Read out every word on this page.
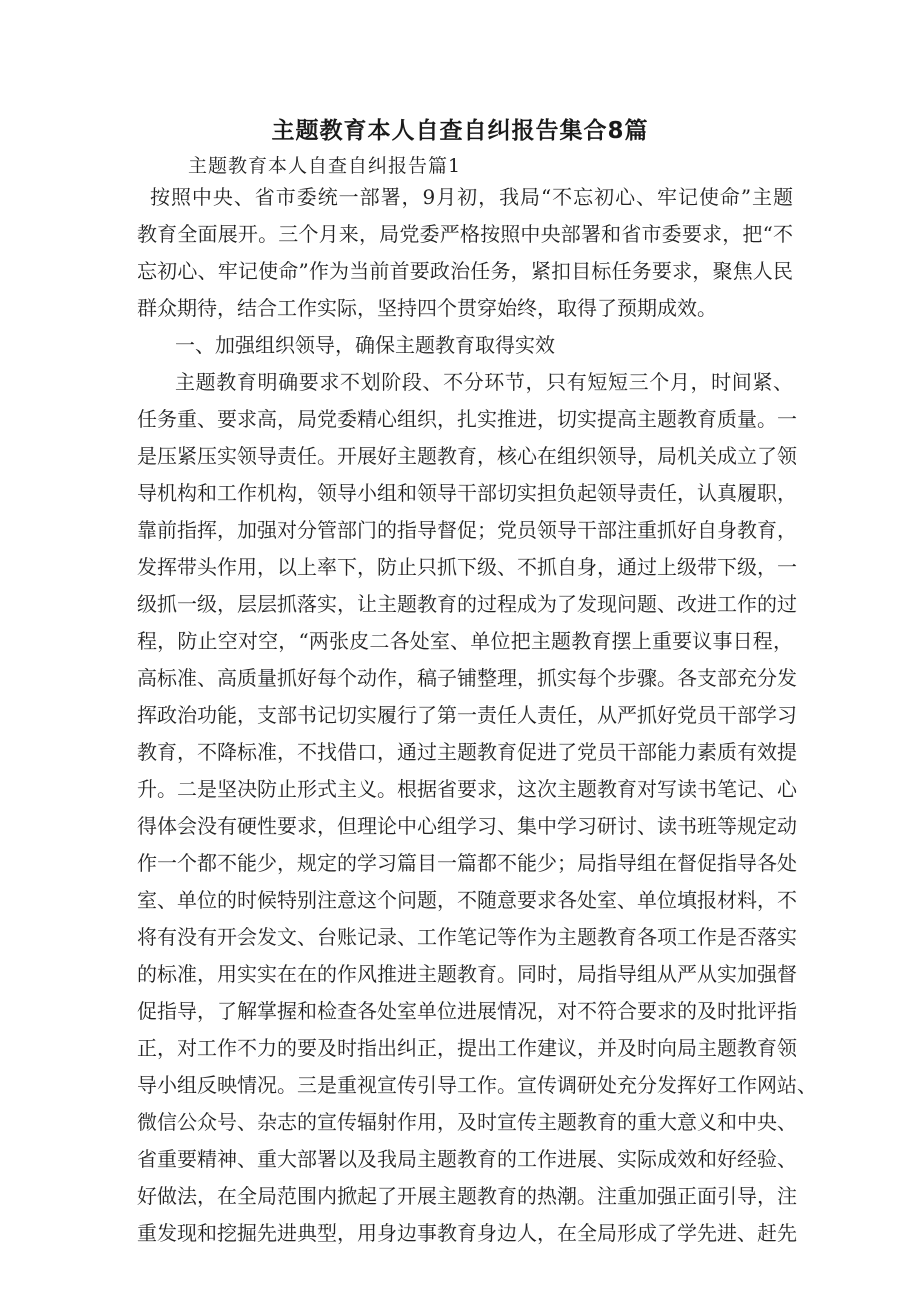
主题教育本人自查自纠报告集合8篇
主题教育本人自查自纠报告篇1
按照中央、省市委统一部署，9月初，我局“不忘初心、牢记使命”主题
教育全面展开。三个月来，局党委严格按照中央部署和省市委要求，把“不
忘初心、牢记使命”作为当前首要政治任务，紧扣目标任务要求，聚焦人民
群众期待，结合工作实际，坚持四个贯穿始终，取得了预期成效。
一、加强组织领导，确保主题教育取得实效
主题教育明确要求不划阶段、不分环节，只有短短三个月，时间紧、
任务重、要求高，局党委精心组织，扎实推进，切实提高主题教育质量。一
是压紧压实领导责任。开展好主题教育，核心在组织领导，局机关成立了领
导机构和工作机构，领导小组和领导干部切实担负起领导责任，认真履职，
靠前指挥，加强对分管部门的指导督促；党员领导干部注重抓好自身教育，
发挥带头作用，以上率下，防止只抓下级、不抓自身，通过上级带下级，一
级抓一级，层层抓落实，让主题教育的过程成为了发现问题、改进工作的过
程，防止空对空，“两张皮二各处室、单位把主题教育摆上重要议事日程，
高标准、高质量抓好每个动作，稿子铺整理，抓实每个步骤。各支部充分发
挥政治功能，支部书记切实履行了第一责任人责任，从严抓好党员干部学习
教育，不降标准，不找借口，通过主题教育促进了党员干部能力素质有效提
升。二是坚决防止形式主义。根据省要求，这次主题教育对写读书笔记、心
得体会没有硬性要求，但理论中心组学习、集中学习研讨、读书班等规定动
作一个都不能少，规定的学习篇目一篇都不能少；局指导组在督促指导各处
室、单位的时候特别注意这个问题，不随意要求各处室、单位填报材料，不
将有没有开会发文、台账记录、工作笔记等作为主题教育各项工作是否落实
的标准，用实实在在的作风推进主题教育。同时，局指导组从严从实加强督
促指导，了解掌握和检查各处室单位进展情况，对不符合要求的及时批评指
正，对工作不力的要及时指出纠正，提出工作建议，并及时向局主题教育领
导小组反映情况。三是重视宣传引导工作。宣传调研处充分发挥好工作网站、
微信公众号、杂志的宣传辐射作用，及时宣传主题教育的重大意义和中央、
省重要精神、重大部署以及我局主题教育的工作进展、实际成效和好经验、
好做法，在全局范围内掀起了开展主题教育的热潮。注重加强正面引导，注
重发现和挖掘先进典型，用身边事教育身边人，在全局形成了学先进、赶先
